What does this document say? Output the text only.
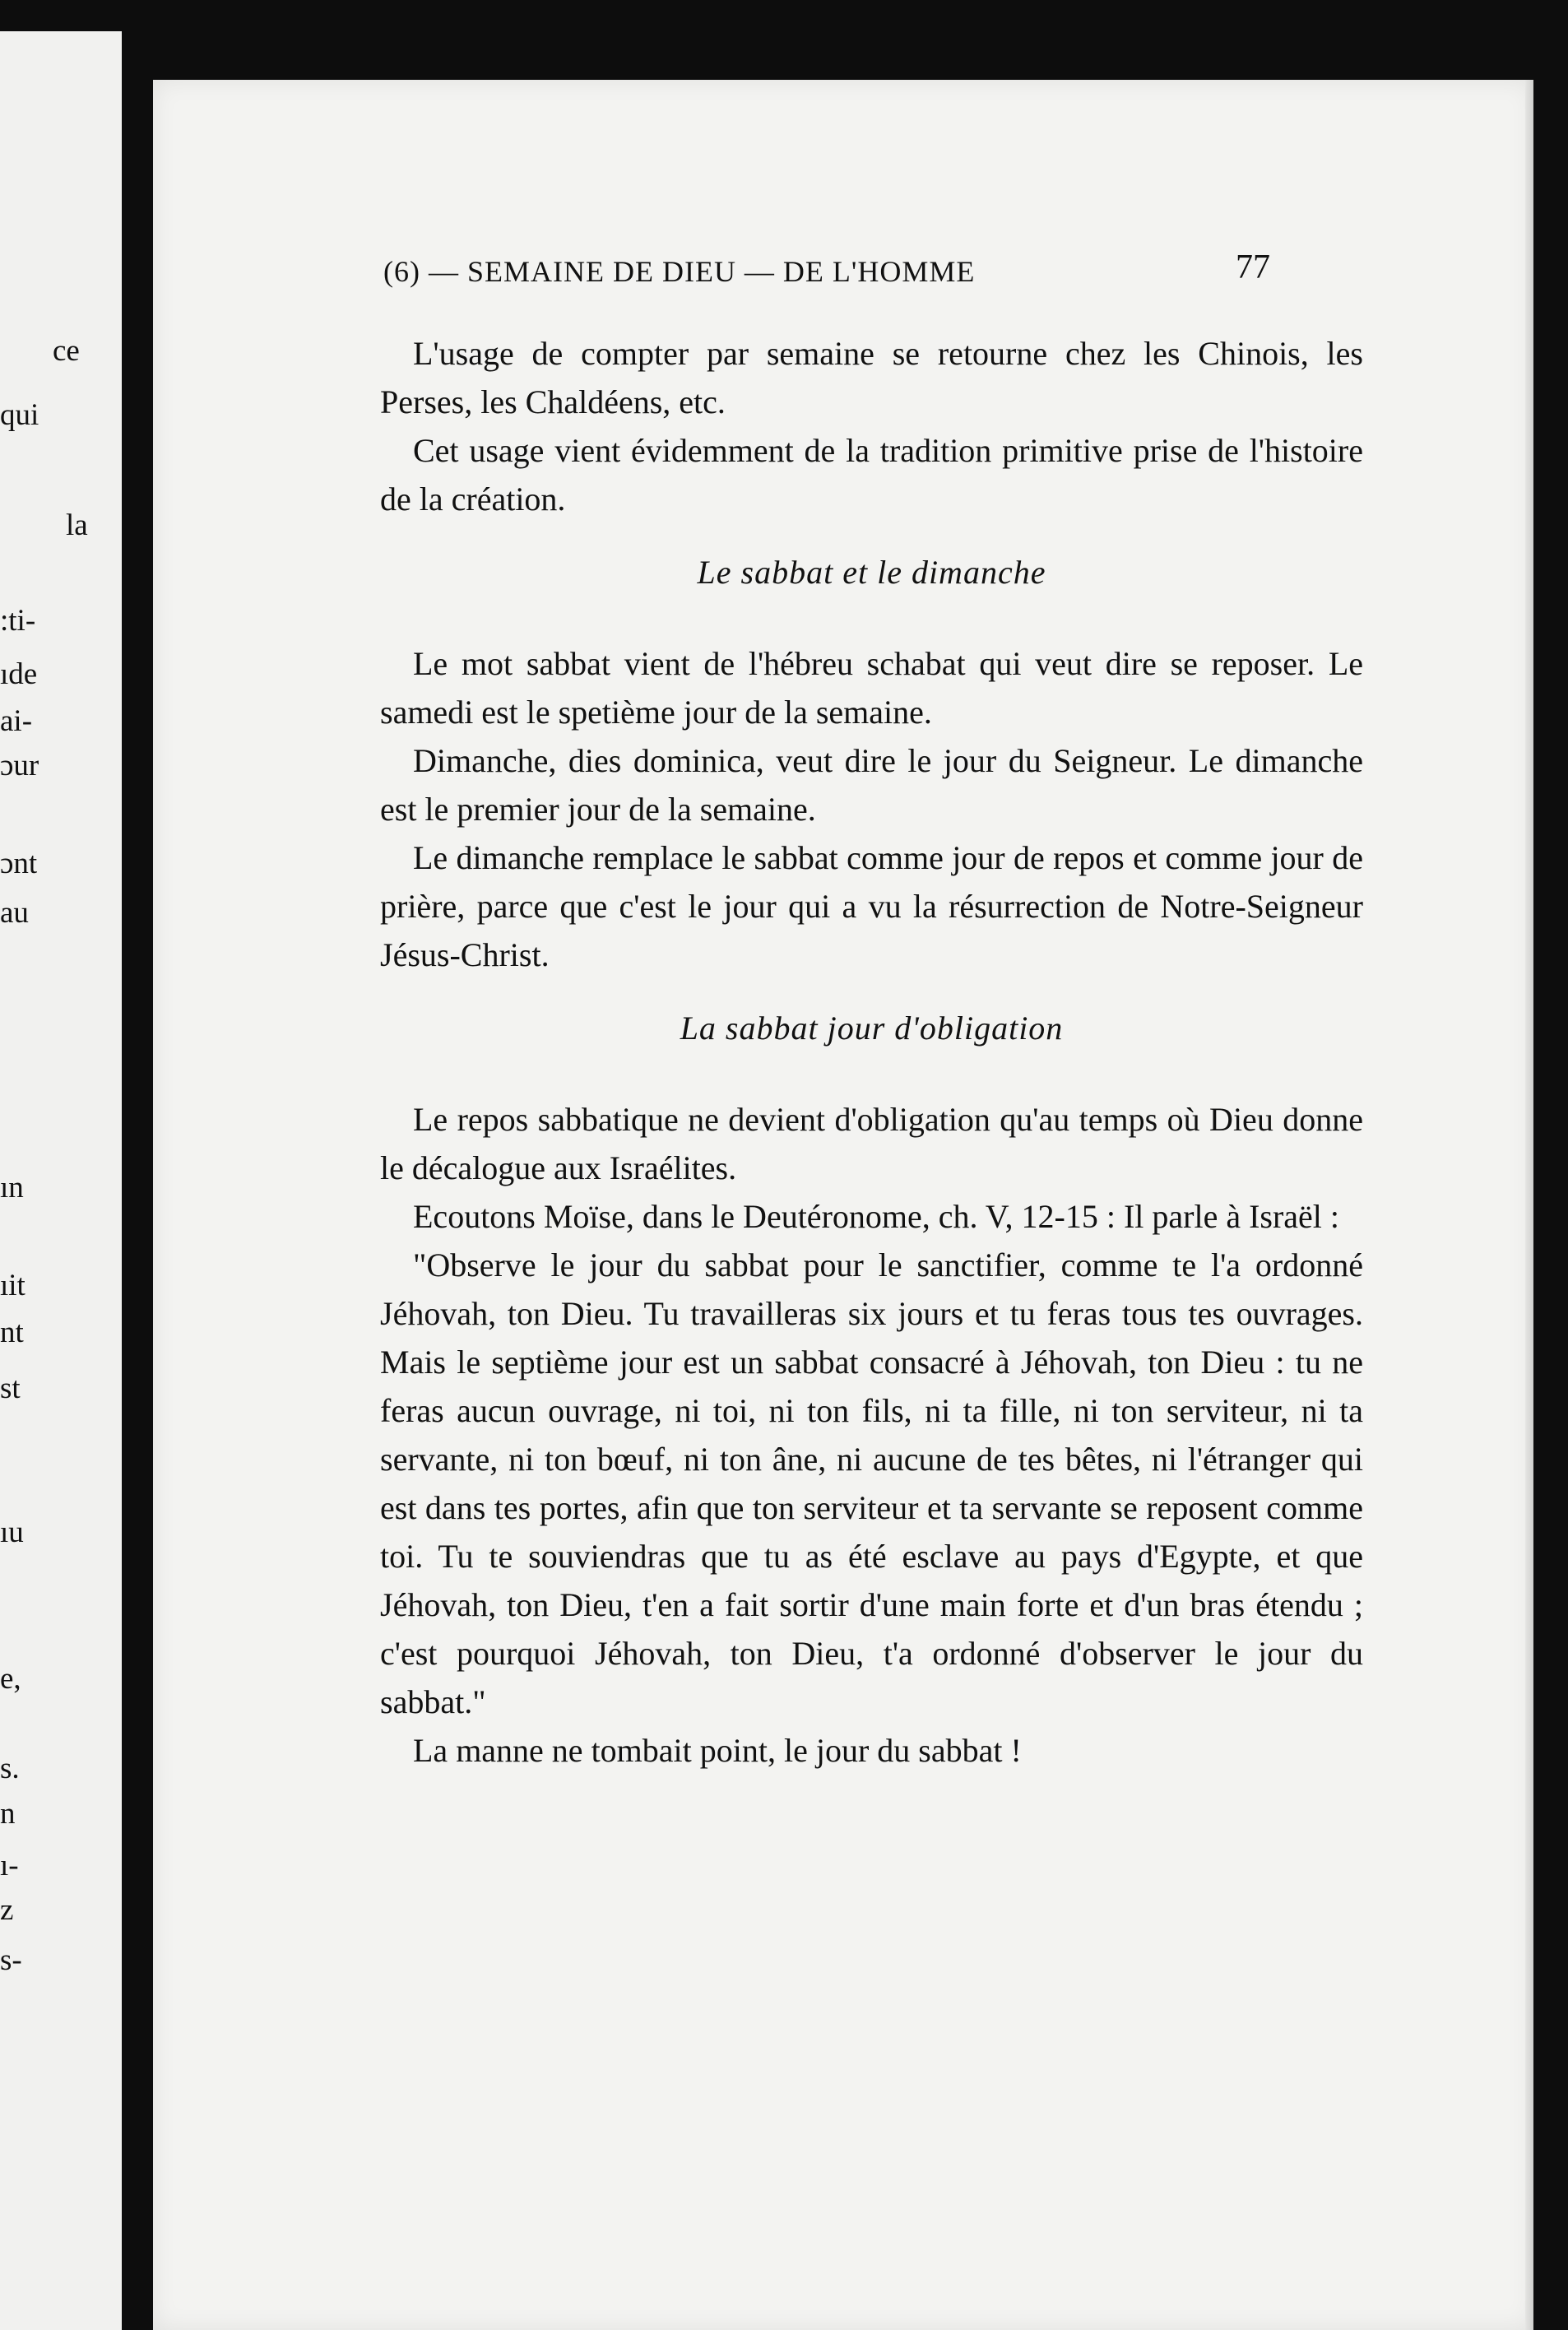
ce
qui
la
:ti-
ıde
ai-
ɔur
ɔnt
au
ın
ıit
nt
st
ıu
e,
s.
n
ı-
z
s-
(6) — SEMAINE DE DIEU — DE L'HOMME	77

L'usage de compter par semaine se retourne chez les Chinois, les Perses, les Chaldéens, etc.

Cet usage vient évidemment de la tradition primitive prise de l'histoire de la création.

Le sabbat et le dimanche

Le mot sabbat vient de l'hébreu schabat qui veut dire se reposer. Le samedi est le spetième jour de la semaine.

Dimanche, dies dominica, veut dire le jour du Seigneur. Le dimanche est le premier jour de la semaine.

Le dimanche remplace le sabbat comme jour de repos et comme jour de prière, parce que c'est le jour qui a vu la résurrection de Notre-Seigneur Jésus-Christ.

La sabbat jour d'obligation

Le repos sabbatique ne devient d'obligation qu'au temps où Dieu donne le décalogue aux Israélites.

Ecoutons Moïse, dans le Deutéronome, ch. V, 12-15 : Il parle à Israël :

"Observe le jour du sabbat pour le sanctifier, comme te l'a ordonné Jéhovah, ton Dieu. Tu travailleras six jours et tu feras tous tes ouvrages. Mais le septième jour est un sabbat consacré à Jéhovah, ton Dieu : tu ne feras aucun ouvrage, ni toi, ni ton fils, ni ta fille, ni ton serviteur, ni ta servante, ni ton bœuf, ni ton âne, ni aucune de tes bêtes, ni l'étranger qui est dans tes portes, afin que ton serviteur et ta servante se reposent comme toi. Tu te souviendras que tu as été esclave au pays d'Egypte, et que Jéhovah, ton Dieu, t'en a fait sortir d'une main forte et d'un bras étendu ; c'est pourquoi Jéhovah, ton Dieu, t'a ordonné d'observer le jour du sabbat."

La manne ne tombait point, le jour du sabbat !
